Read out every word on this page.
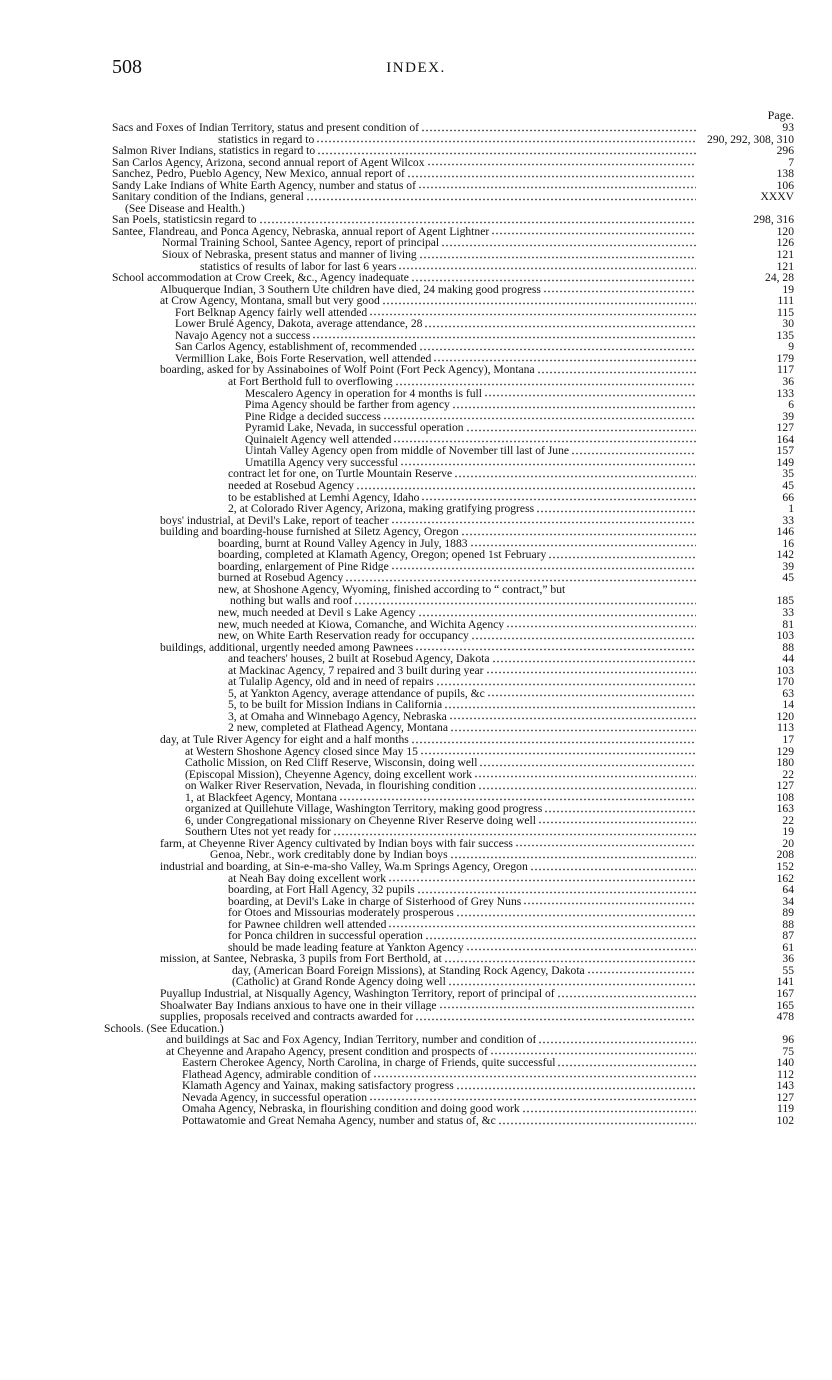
508	INDEX.
Page.
Sacs and Foxes of Indian Territory, status and present condition of	93
statistics in regard to	290, 292, 308, 310
Salmon River Indians, statistics in regard to	296
San Carlos Agency, Arizona, second annual report of Agent Wilcox	7
Sanchez, Pedro, Pueblo Agency, New Mexico, annual report of	138
Sandy Lake Indians of White Earth Agency, number and status of	106
Sanitary condition of the Indians, general	XXXV
(See Disease and Health.)
San Poels, statisticsin regard to	298, 316
Santee, Flandreau, and Ponca Agency, Nebraska, annual report of Agent Lightner	120
Normal Training School, Santee Agency, report of principal	126
Sioux of Nebraska, present status and manner of living	121
statistics of results of labor for last 6 years	121
School accommodation at Crow Creek, &c., Agency inadequate	24, 28
Albuquerque Indian, 3 Southern Ute children have died, 24 making good progress	19
at Crow Agency, Montana, small but very good	111
Fort Belknap Agency fairly well attended	115
Lower Brulé Agency, Dakota, average attendance, 28	30
Navajo Agency not a success	135
San Carlos Agency, establishment of, recommended	9
Vermillion Lake, Bois Forte Reservation, well attended	179
boarding, asked for by Assinaboines of Wolf Point (Fort Peck Agency), Montana	117
at Fort Berthold full to overflowing	36
Mescalero Agency in operation for 4 months is full	133
Pima Agency should be farther from agency	6
Pine Ridge a decided success	39
Pyramid Lake, Nevada, in successful operation	127
Quinaielt Agency well attended	164
Uintah Valley Agency open from middle of November till last of June	157
Umatilla Agency very successful	149
contract let for one, on Turtle Mountain Reserve	35
needed at Rosebud Agency	45
to be established at Lemhi Agency, Idaho	66
2, at Colorado River Agency, Arizona, making gratifying progress	1
boys' industrial, at Devil's Lake, report of teacher	33
building and boarding-house furnished at Siletz Agency, Oregon	146
boarding, burnt at Round Valley Agency in July, 1883	16
boarding, completed at Klamath Agency, Oregon; opened 1st February	142
boarding, enlargement of Pine Ridge	39
burned at Rosebud Agency	45
new, at Shoshone Agency, Wyoming, finished according to “ contract,” but
nothing but walls and roof	185
new, much needed at Devil s Lake Agency	33
new, much needed at Kiowa, Comanche, and Wichita Agency	81
new, on White Earth Reservation ready for occupancy	103
buildings, additional, urgently needed among Pawnees	88
and teachers' houses, 2 built at Rosebud Agency, Dakota	44
at Mackinac Agency, 7 repaired and 3 built during year	103
at Tulalip Agency, old and in need of repairs	170
5, at Yankton Agency, average attendance of pupils, &c	63
5, to be built for Mission Indians in California	14
3, at Omaha and Winnebago Agency, Nebraska	120
2 new, completed at Flathead Agency, Montana	113
day, at Tule River Agency for eight and a half months	17
at Western Shoshone Agency closed since May 15	129
Catholic Mission, on Red Cliff Reserve, Wisconsin, doing well	180
(Episcopal Mission), Cheyenne Agency, doing excellent work	22
on Walker River Reservation, Nevada, in flourishing condition	127
1, at Blackfeet Agency, Montana	108
organized at Quillehute Village, Washington Territory, making good progress	163
6, under Congregational missionary on Cheyenne River Reserve doing well	22
Southern Utes not yet ready for	19
farm, at Cheyenne River Agency cultivated by Indian boys with fair success	20
Genoa, Nebr., work creditably done by Indian boys	208
industrial and boarding, at Sin-e-ma-sho Valley, Wa.m Springs Agency, Oregon	152
at Neah Bay doing excellent work	162
boarding, at Fort Hall Agency, 32 pupils	64
boarding, at Devil's Lake in charge of Sisterhood of Grey Nuns	34
for Otoes and Missourias moderately prosperous	89
for Pawnee children well attended	88
for Ponca children in successful operation	87
should be made leading feature at Yankton Agency	61
mission, at Santee, Nebraska, 3 pupils from Fort Berthold, at	36
day, (American Board Foreign Missions), at Standing Rock Agency, Dakota	55
(Catholic) at Grand Ronde Agency doing well	141
Puyallup Industrial, at Nisqually Agency, Washington Territory, report of principal of	167
Shoalwater Bay Indians anxious to have one in their village	165
supplies, proposals received and contracts awarded for	478
Schools. (See Education.)
and buildings at Sac and Fox Agency, Indian Territory, number and condition of	96
at Cheyenne and Arapaho Agency, present condition and prospects of	75
Eastern Cherokee Agency, North Carolina, in charge of Friends, quite successful	140
Flathead Agency, admirable condition of	112
Klamath Agency and Yainax, making satisfactory progress	143
Nevada Agency, in successful operation	127
Omaha Agency, Nebraska, in flourishing condition and doing good work	119
Pottawatomie and Great Nemaha Agency, number and status of, &c	102
